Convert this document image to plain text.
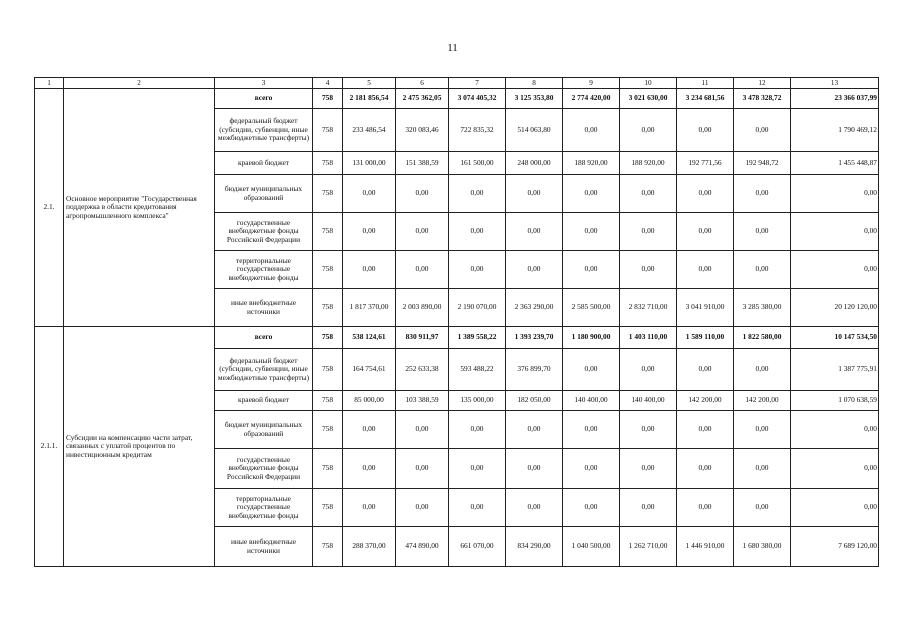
11
1	2	3	4	5	6	7	8	9	10	11	12	13
2.1.	Основное мероприятие "Государственная поддержка в области кредитования агропромышленного комплекса"	всего	758	2 181 856,54	2 475 362,05	3 074 405,32	3 125 353,80	2 774 420,00	3 021 630,00	3 234 681,56	3 478 328,72	23 366 037,99
		федеральный бюджет (субсидии, субвенции, иные межбюджетные трансферты)	758	233 486,54	320 083,46	722 835,32	514 063,80	0,00	0,00	0,00	0,00	1 790 469,12
		краевой бюджет	758	131 000,00	151 388,59	161 500,00	248 000,00	188 920,00	188 920,00	192 771,56	192 948,72	1 455 448,87
		бюджет муниципальных образований	758	0,00	0,00	0,00	0,00	0,00	0,00	0,00	0,00	0,00
		государственные внебюджетные фонды Российской Федерации	758	0,00	0,00	0,00	0,00	0,00	0,00	0,00	0,00	0,00
		территориальные государственные внебюджетные фонды	758	0,00	0,00	0,00	0,00	0,00	0,00	0,00	0,00	0,00
		иные внебюджетные источники	758	1 817 370,00	2 003 890,00	2 190 070,00	2 363 290,00	2 585 500,00	2 832 710,00	3 041 910,00	3 285 380,00	20 120 120,00
2.1.1.	Субсидии на компенсацию части затрат, связанных с уплатой процентов по инвестиционным кредитам	всего	758	538 124,61	830 911,97	1 389 558,22	1 393 239,70	1 180 900,00	1 403 110,00	1 589 110,00	1 822 580,00	10 147 534,50
		федеральный бюджет (субсидии, субвенции, иные межбюджетные трансферты)	758	164 754,61	252 633,38	593 488,22	376 899,70	0,00	0,00	0,00	0,00	1 387 775,91
		краевой бюджет	758	85 000,00	103 388,59	135 000,00	182 050,00	140 400,00	140 400,00	142 200,00	142 200,00	1 070 638,59
		бюджет муниципальных образований	758	0,00	0,00	0,00	0,00	0,00	0,00	0,00	0,00	0,00
		государственные внебюджетные фонды Российской Федерации	758	0,00	0,00	0,00	0,00	0,00	0,00	0,00	0,00	0,00
		территориальные государственные внебюджетные фонды	758	0,00	0,00	0,00	0,00	0,00	0,00	0,00	0,00	0,00
		иные внебюджетные источники	758	288 370,00	474 890,00	661 070,00	834 290,00	1 040 500,00	1 262 710,00	1 446 910,00	1 680 380,00	7 689 120,00
